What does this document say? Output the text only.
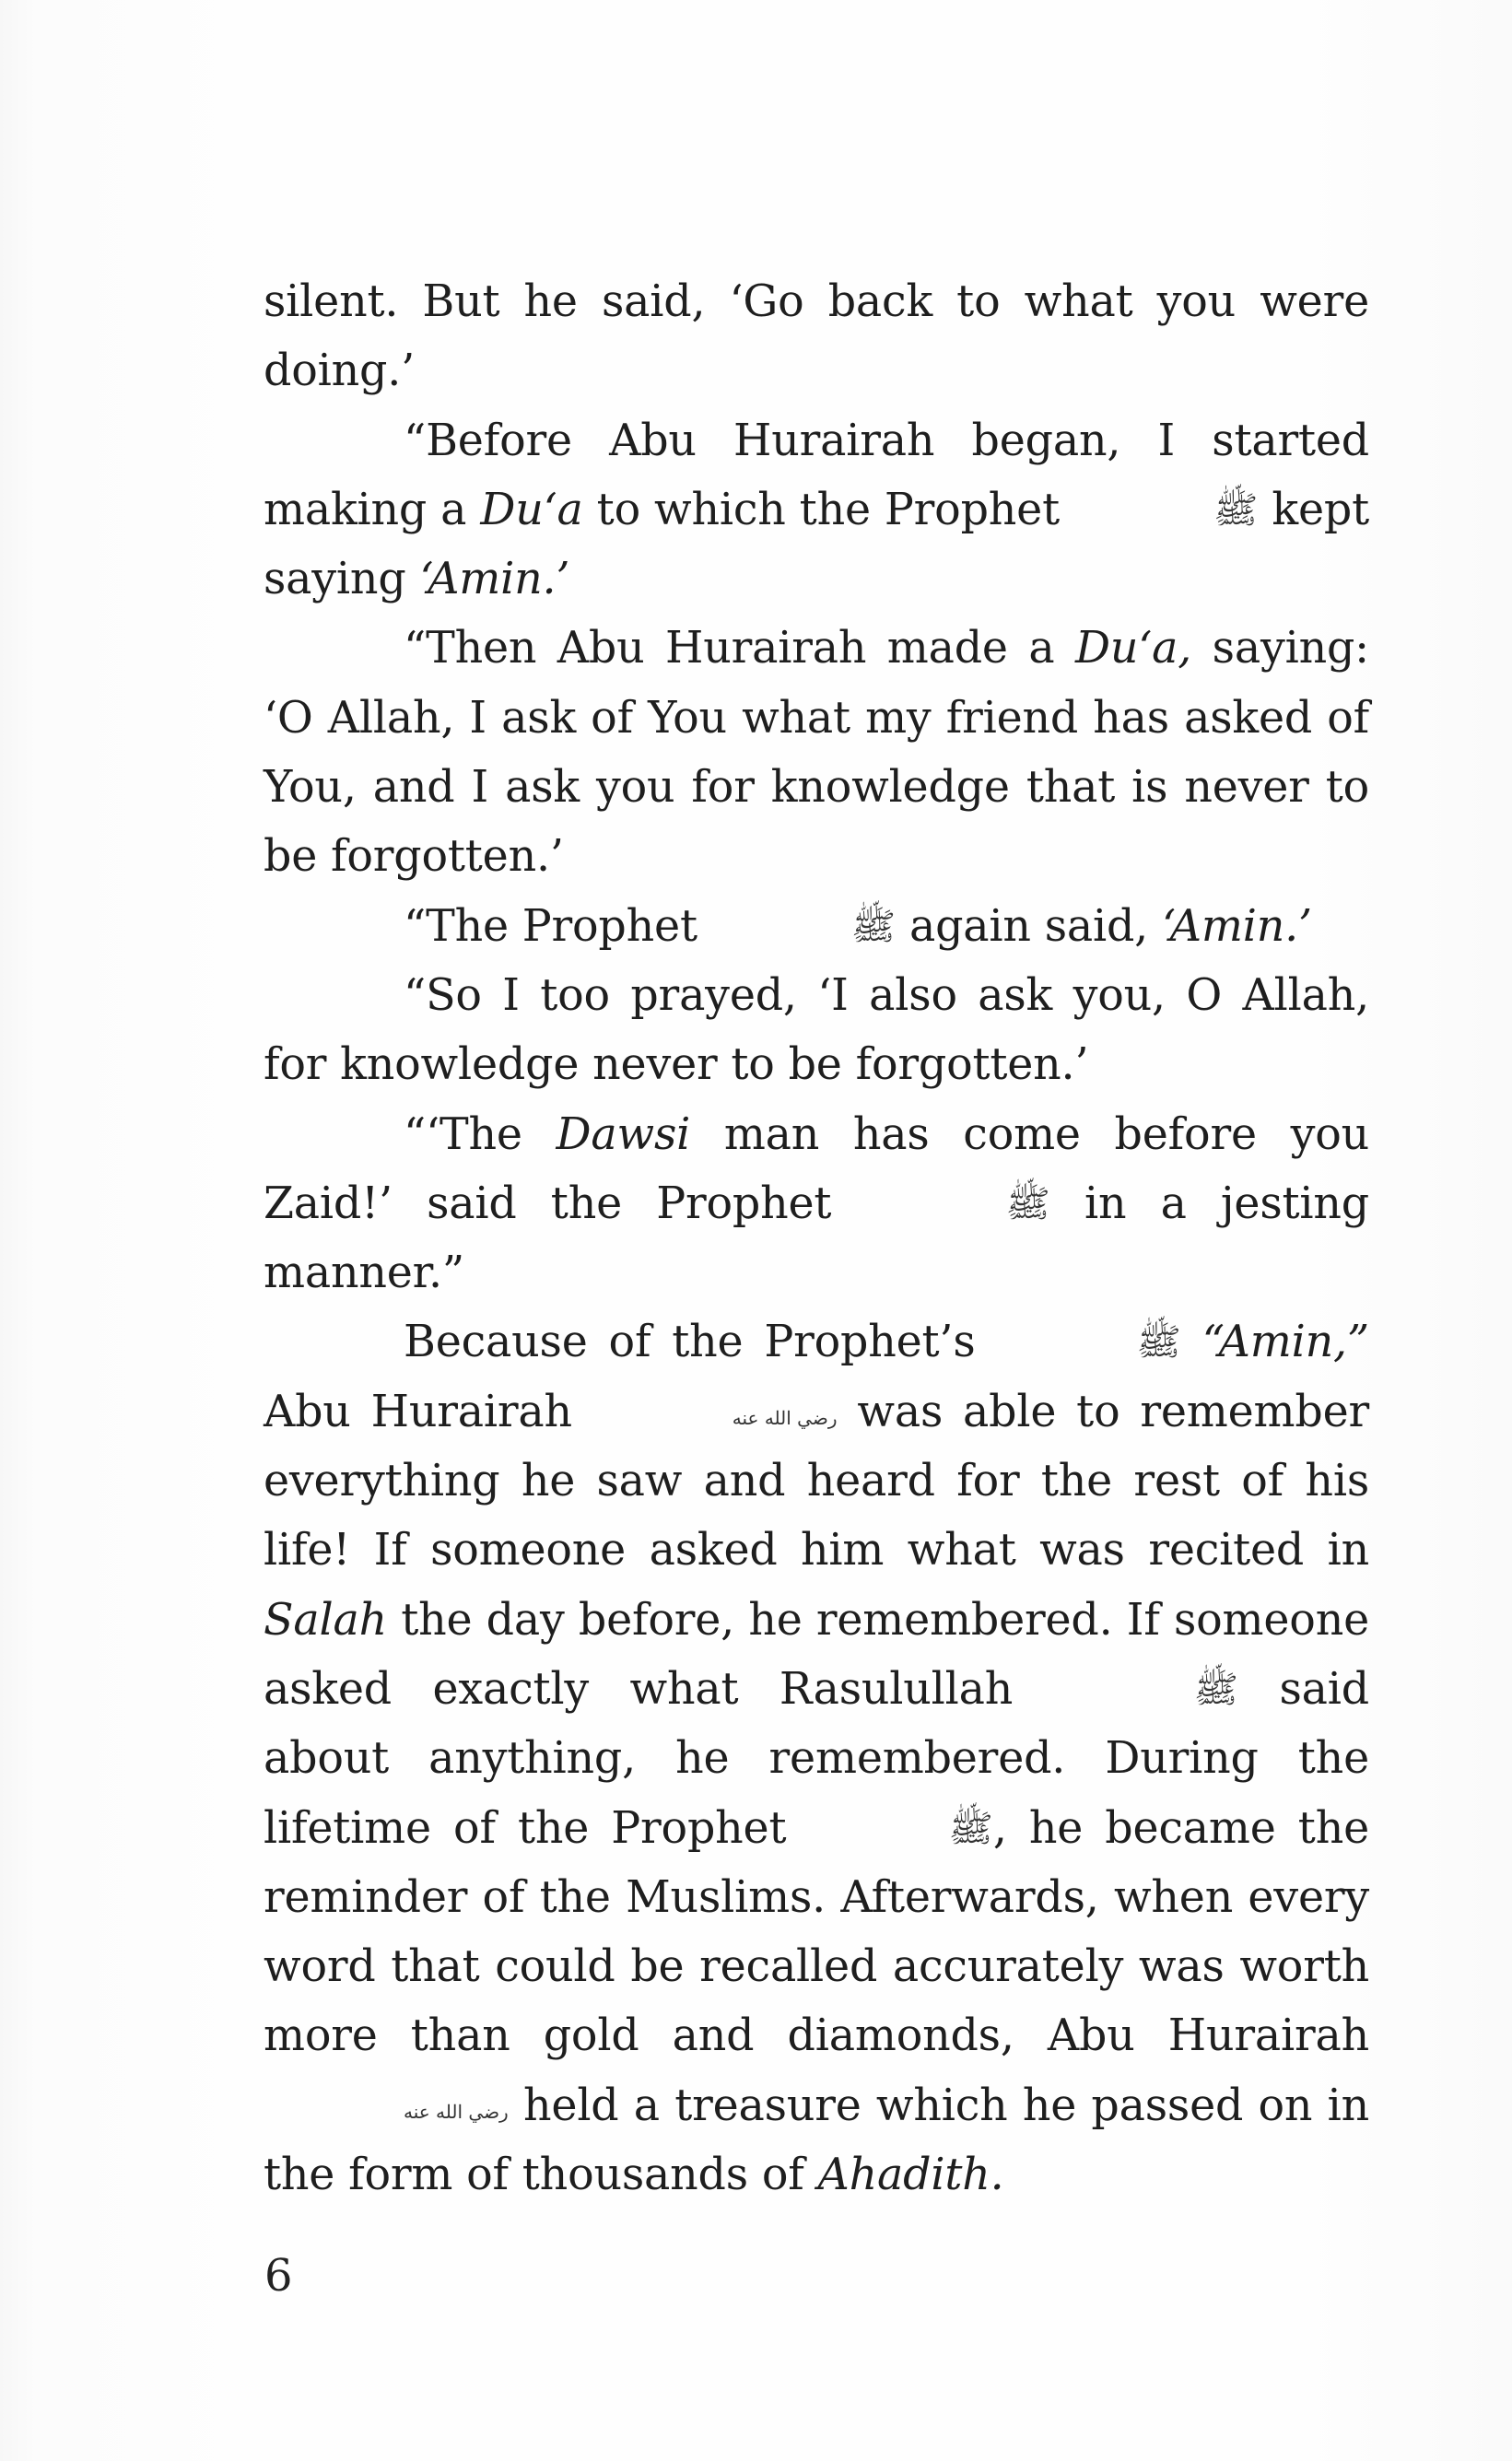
silent. But he said, ‘Go back to what you were doing.’

“Before Abu Hurairah began, I started making a Du‘a to which the Prophet	ﷺ kept saying ‘Amin.’

“Then Abu Hurairah made a Du‘a, saying: ‘O Allah, I ask of You what my friend has asked of You, and I ask you for knowledge that is never to be forgotten.’

“The Prophet	ﷺ again said, ‘Amin.’

“So I too prayed, ‘I also ask you, O Allah, for knowledge never to be forgotten.’

“‘The Dawsi man has come before you Zaid!’ said the Prophet	ﷺ in a jesting manner.”

Because of the Prophet’s	ﷺ “Amin,” Abu Hurairah	رضي الله عنه was able to remember everything he saw and heard for the rest of his life! If someone asked him what was recited in Salah the day before, he remembered. If someone asked exactly what Rasulullah	ﷺ said about anything, he remembered. During the lifetime of the Prophet	ﷺ, he became the reminder of the Muslims. Afterwards, when every word that could be recalled accurately was worth more than gold and diamonds, Abu Hurairah رضي الله عنه held a treasure which he passed on in the form of thousands of Ahadith.

6
